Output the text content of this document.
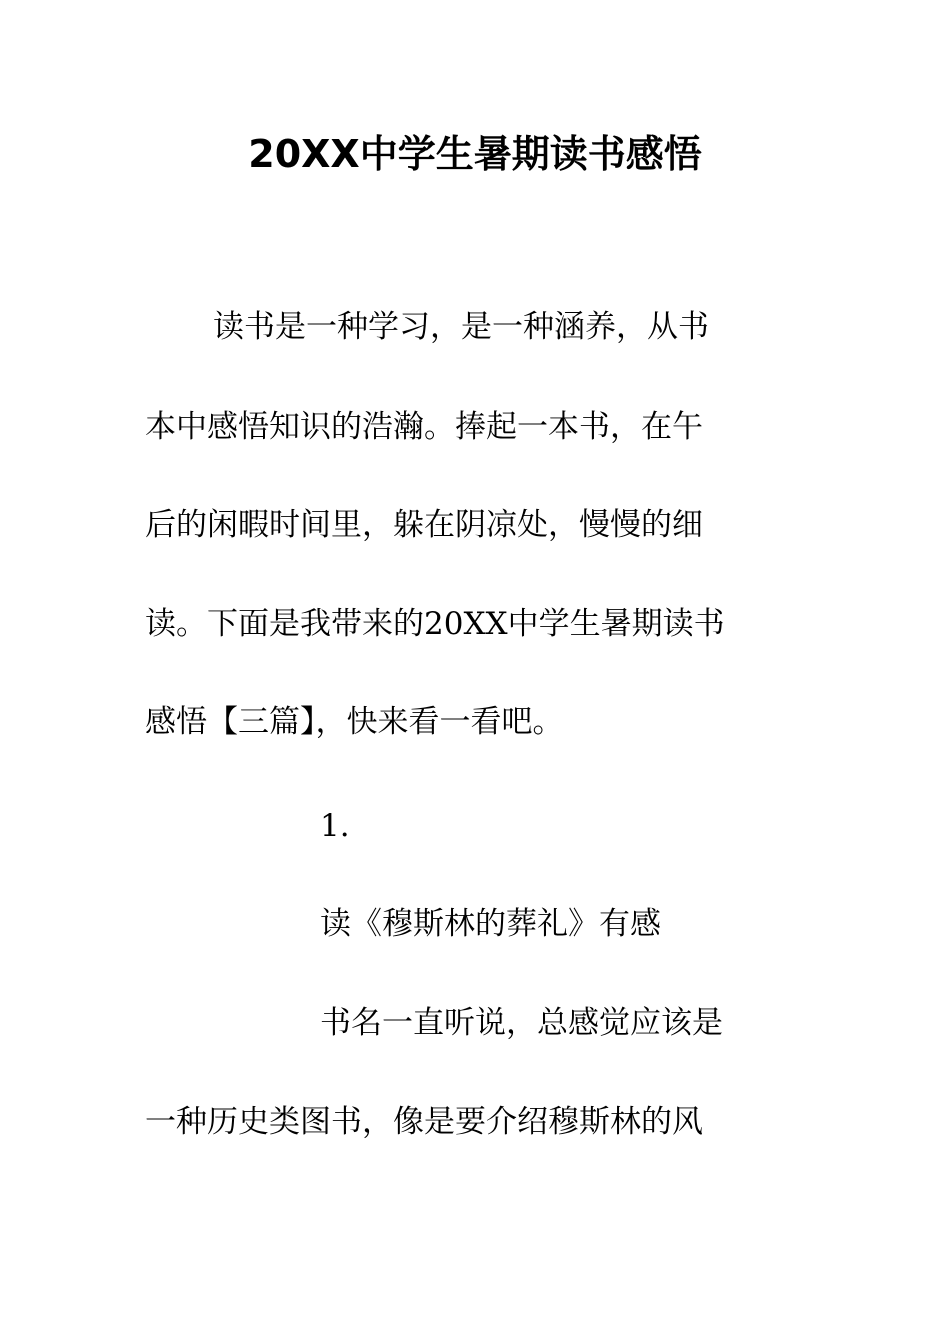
20XX中学生暑期读书感悟
读书是一种学习，是一种涵养，从书
本中感悟知识的浩瀚。捧起一本书，在午
后的闲暇时间里，躲在阴凉处，慢慢的细
读。下面是我带来的20XX中学生暑期读书
感悟【三篇】，快来看一看吧。
1.
读《穆斯林的葬礼》有感
书名一直听说，总感觉应该是
一种历史类图书，像是要介绍穆斯林的风
